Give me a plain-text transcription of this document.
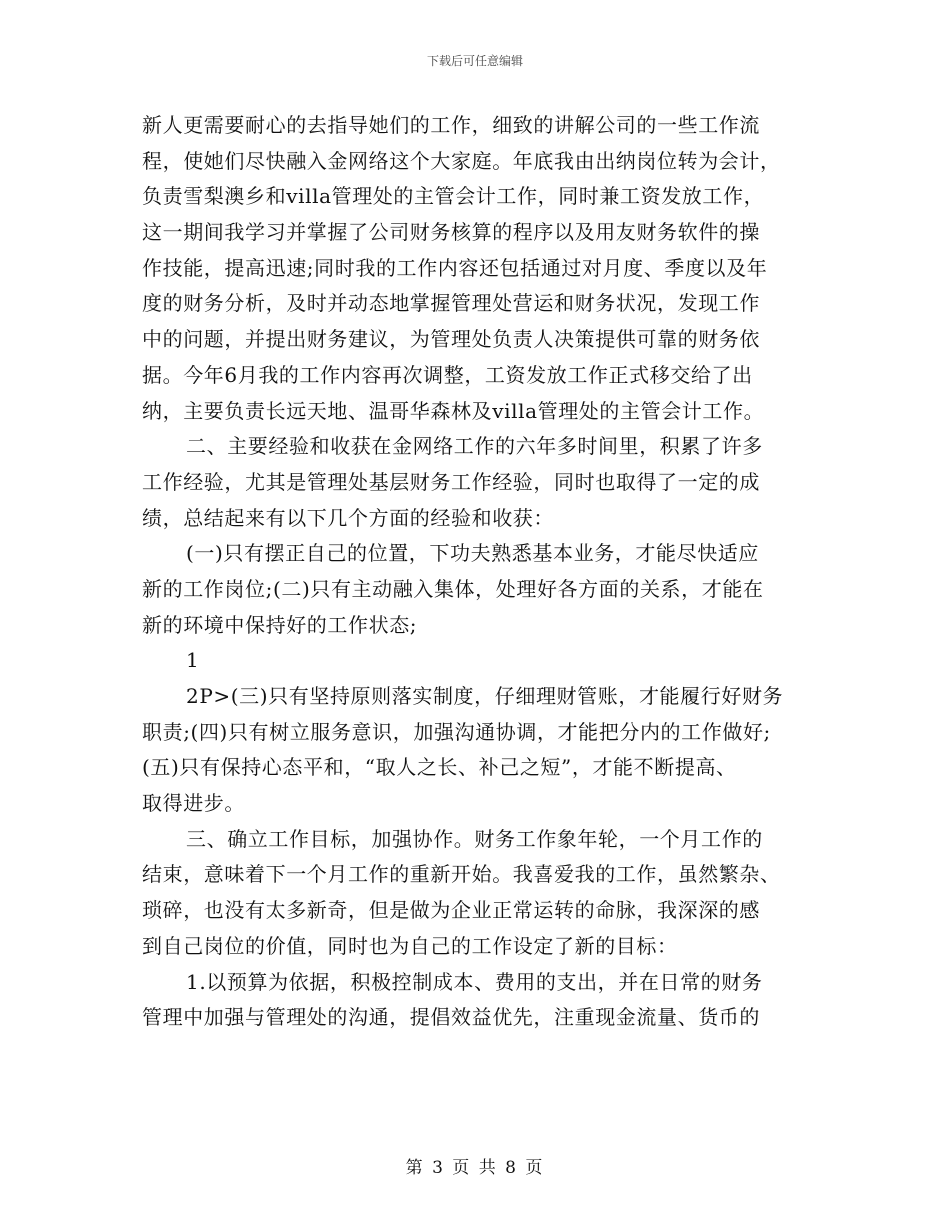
下载后可任意编辑
新人更需要耐心的去指导她们的工作，细致的讲解公司的一些工作流
程，使她们尽快融入金网络这个大家庭。年底我由出纳岗位转为会计，
负责雪梨澳乡和villa管理处的主管会计工作，同时兼工资发放工作，
这一期间我学习并掌握了公司财务核算的程序以及用友财务软件的操
作技能，提高迅速;同时我的工作内容还包括通过对月度、季度以及年
度的财务分析，及时并动态地掌握管理处营运和财务状况，发现工作
中的问题，并提出财务建议，为管理处负责人决策提供可靠的财务依
据。今年6月我的工作内容再次调整，工资发放工作正式移交给了出
纳，主要负责长远天地、温哥华森林及villa管理处的主管会计工作。
二、主要经验和收获在金网络工作的六年多时间里，积累了许多
工作经验，尤其是管理处基层财务工作经验，同时也取得了一定的成
绩，总结起来有以下几个方面的经验和收获：
(一)只有摆正自己的位置，下功夫熟悉基本业务，才能尽快适应
新的工作岗位;(二)只有主动融入集体，处理好各方面的关系，才能在
新的环境中保持好的工作状态;
1
2P>(三)只有坚持原则落实制度，仔细理财管账，才能履行好财务
职责;(四)只有树立服务意识，加强沟通协调，才能把分内的工作做好;
(五)只有保持心态平和，“取人之长、补己之短”，才能不断提高、
取得进步。
三、确立工作目标，加强协作。财务工作象年轮，一个月工作的
结束，意味着下一个月工作的重新开始。我喜爱我的工作，虽然繁杂、
琐碎，也没有太多新奇，但是做为企业正常运转的命脉，我深深的感
到自己岗位的价值，同时也为自己的工作设定了新的目标：
1.以预算为依据，积极控制成本、费用的支出，并在日常的财务
管理中加强与管理处的沟通，提倡效益优先，注重现金流量、货币的
第 3 页 共 8 页
